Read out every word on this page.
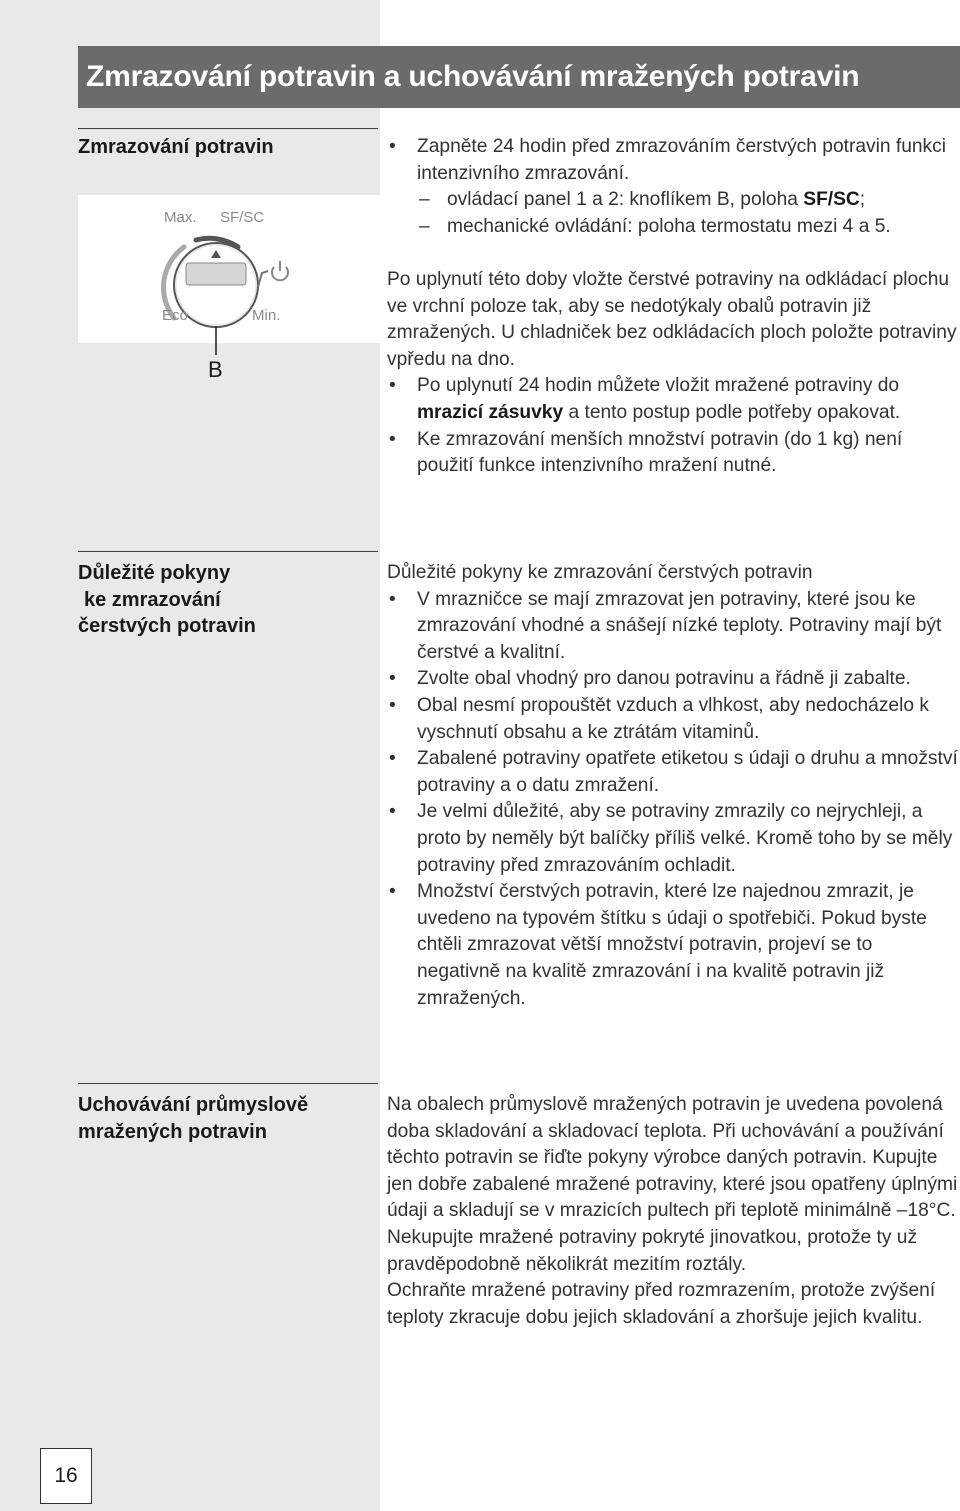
Zmrazování potravin a uchovávání mražených potravin
Zmrazování potravin
Max. SF/SC
Eco	Min.
B
• Zapněte 24 hodin před zmrazováním čerstvých potravin funkci intenzivního zmrazování.
– ovládací panel 1 a 2: knoflíkem B, poloha SF/SC;
– mechanické ovládání: poloha termostatu mezi 4 a 5.

Po uplynutí této doby vložte čerstvé potraviny na odkládací plochu ve vrchní poloze tak, aby se nedotýkaly obalů potravin již zmražených. U chladniček bez odkládacích ploch položte potraviny vpředu na dno.

• Po uplynutí 24 hodin můžete vložit mražené potraviny do mrazicí zásuvky a tento postup podle potřeby opakovat.
• Ke zmrazování menších množství potravin (do 1 kg) není použití funkce intenzivního mražení nutné.
Důležité pokyny
ke zmrazování
čerstvých potravin

Důležité pokyny ke zmrazování čerstvých potravin

• V mrazničce se mají zmrazovat jen potraviny, které jsou ke zmrazování vhodné a snášejí nízké teploty. Potraviny mají být čerstvé a kvalitní.
• Zvolte obal vhodný pro danou potravinu a řádně ji zabalte.
• Obal nesmí propouštět vzduch a vlhkost, aby nedocházelo k vyschnutí obsahu a ke ztrátám vitaminů.
• Zabalené potraviny opatřete etiketou s údaji o druhu a množství potraviny a o datu zmražení.
• Je velmi důležité, aby se potraviny zmrazily co nejrychleji, a proto by neměly být balíčky příliš velké. Kromě toho by se měly potraviny před zmrazováním ochladit.
• Množství čerstvých potravin, které lze najednou zmrazit, je uvedeno na typovém štítku s údaji o spotřebiči. Pokud byste chtěli zmrazovat větší množství potravin, projeví se to negativně na kvalitě zmrazování i na kvalitě potravin již zmražených.
Uchovávání průmyslově
mražených potravin

Na obalech průmyslově mražených potravin je uvedena povolená doba skladování a skladovací teplota. Při uchovávání a používání těchto potravin se řiďte pokyny výrobce daných potravin. Kupujte jen dobře zabalené mražené potraviny, které jsou opatřeny úplnými údaji a skladují se v mrazicích pultech při teplotě minimálně –18°C. Nekupujte mražené potraviny pokryté jinovatkou, protože ty už pravděpodobně několikrát mezitím roztály.

Ochraňte mražené potraviny před rozmrazením, protože zvýšení teploty zkracuje dobu jejich skladování a zhoršuje jejich kvalitu.

16
